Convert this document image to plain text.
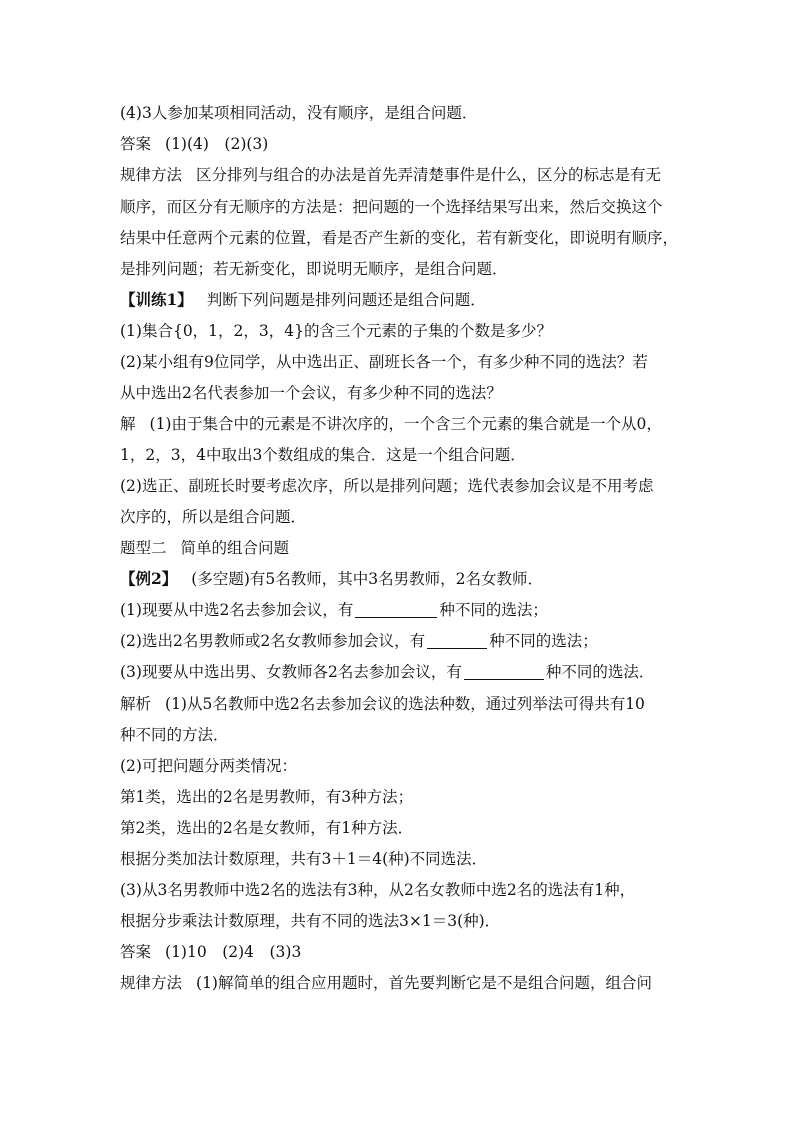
(4)3人参加某项相同活动，没有顺序，是组合问题．
答案 (1)(4)　(2)(3)
规律方法 区分排列与组合的办法是首先弄清楚事件是什么，区分的标志是有无
顺序，而区分有无顺序的方法是：把问题的一个选择结果写出来，然后交换这个
结果中任意两个元素的位置，看是否产生新的变化，若有新变化，即说明有顺序，
是排列问题；若无新变化，即说明无顺序，是组合问题．
【训练1】 判断下列问题是排列问题还是组合问题．
(1)集合{0，1，2，3，4}的含三个元素的子集的个数是多少？
(2)某小组有9位同学，从中选出正、副班长各一个，有多少种不同的选法？若
从中选出2名代表参加一个会议，有多少种不同的选法？
解 (1)由于集合中的元素是不讲次序的，一个含三个元素的集合就是一个从0，
1，2，3，4中取出3个数组成的集合．这是一个组合问题．
(2)选正、副班长时要考虑次序，所以是排列问题；选代表参加会议是不用考虑
次序的，所以是组合问题．
题型二 简单的组合问题
【例2】 (多空题)有5名教师，其中3名男教师，2名女教师．
(1)现要从中选2名去参加会议，有	种不同的选法；
(2)选出2名男教师或2名女教师参加会议，有	种不同的选法；
(3)现要从中选出男、女教师各2名去参加会议，有	种不同的选法．
解析 (1)从5名教师中选2名去参加会议的选法种数，通过列举法可得共有10
种不同的方法．
(2)可把问题分两类情况：
第1类，选出的2名是男教师，有3种方法；
第2类，选出的2名是女教师，有1种方法．
根据分类加法计数原理，共有3＋1＝4(种)不同选法．
(3)从3名男教师中选2名的选法有3种，从2名女教师中选2名的选法有1种，
根据分步乘法计数原理，共有不同的选法3×1＝3(种)．
答案 (1)10　(2)4　(3)3
规律方法 (1)解简单的组合应用题时，首先要判断它是不是组合问题，组合问
